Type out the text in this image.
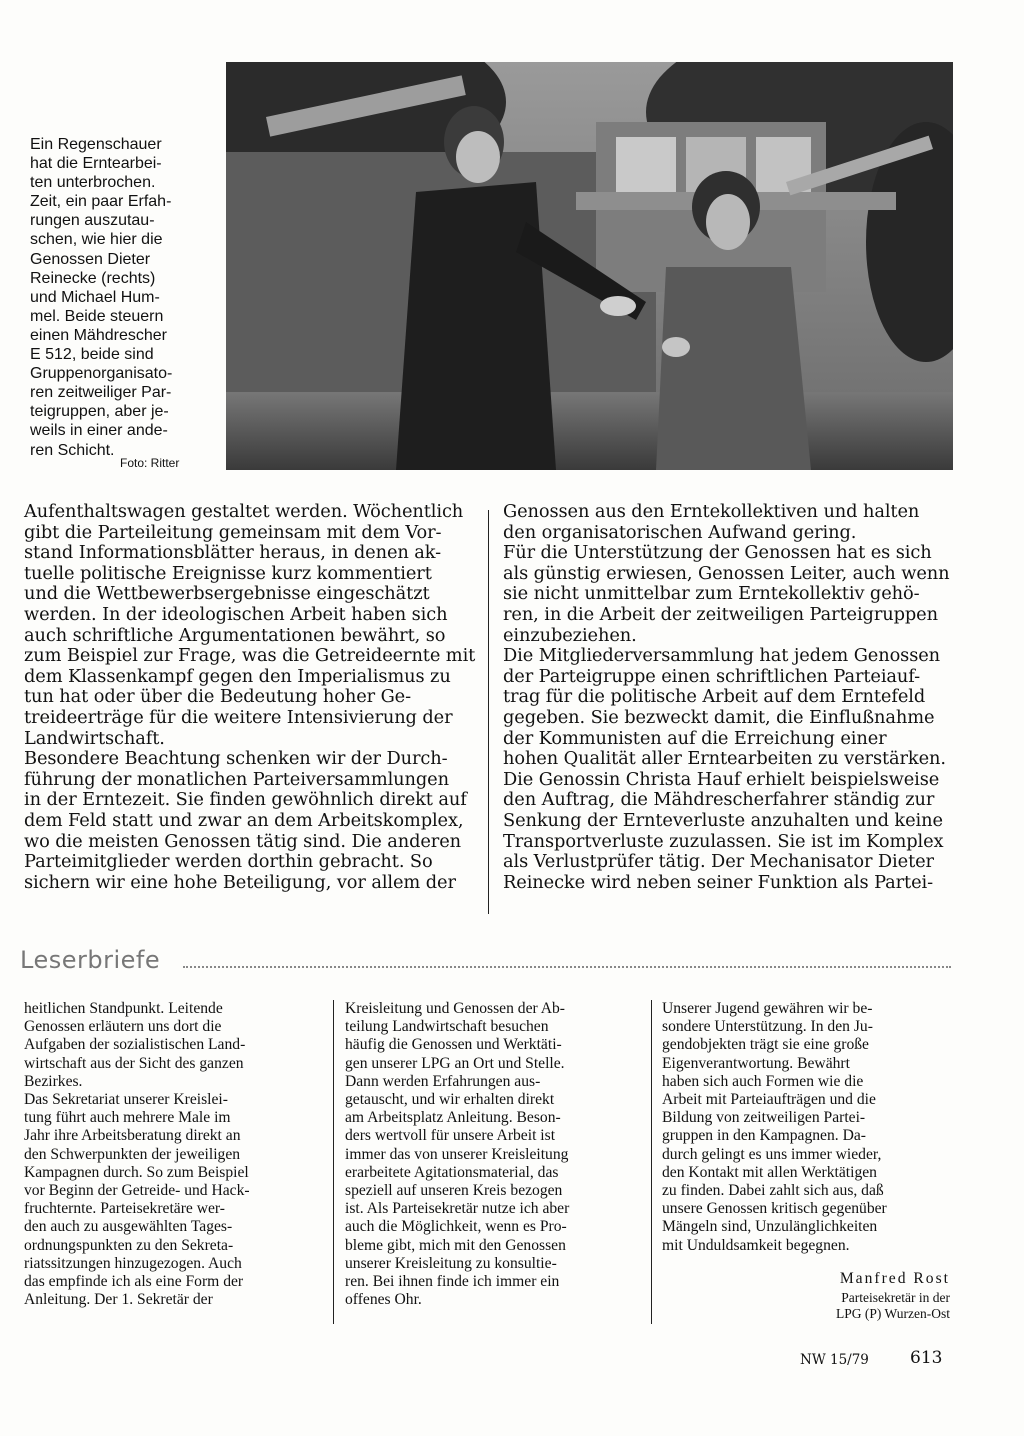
Ein Regenschauer
hat die Erntearbei-
ten unterbrochen.
Zeit, ein paar Erfah-
rungen auszutau-
schen, wie hier die
Genossen Dieter
Reinecke (rechts)
und Michael Hum-
mel. Beide steuern
einen Mähdrescher
E 512, beide sind
Gruppenorganisato-
ren zeitweiliger Par-
teigruppen, aber je-
weils in einer ande-
ren Schicht.
Foto: Ritter
Aufenthaltswagen gestaltet werden. Wöchentlich
gibt die Parteileitung gemeinsam mit dem Vor-
stand Informationsblätter heraus, in denen ak-
tuelle politische Ereignisse kurz kommentiert
und die Wettbewerbsergebnisse eingeschätzt
werden. In der ideologischen Arbeit haben sich
auch schriftliche Argumentationen bewährt, so
zum Beispiel zur Frage, was die Getreideernte mit
dem Klassenkampf gegen den Imperialismus zu
tun hat oder über die Bedeutung hoher Ge-
treideerträge für die weitere Intensivierung der
Landwirtschaft.
Besondere Beachtung schenken wir der Durch-
führung der monatlichen Parteiversammlungen
in der Erntezeit. Sie finden gewöhnlich direkt auf
dem Feld statt und zwar an dem Arbeitskomplex,
wo die meisten Genossen tätig sind. Die anderen
Parteimitglieder werden dorthin gebracht. So
sichern wir eine hohe Beteiligung, vor allem der
Genossen aus den Erntekollektiven und halten
den organisatorischen Aufwand gering.
Für die Unterstützung der Genossen hat es sich
als günstig erwiesen, Genossen Leiter, auch wenn
sie nicht unmittelbar zum Erntekollektiv gehö-
ren, in die Arbeit der zeitweiligen Parteigruppen
einzubeziehen.
Die Mitgliederversammlung hat jedem Genossen
der Parteigruppe einen schriftlichen Parteiauf-
trag für die politische Arbeit auf dem Erntefeld
gegeben. Sie bezweckt damit, die Einflußnahme
der Kommunisten auf die Erreichung einer
hohen Qualität aller Erntearbeiten zu verstärken.
Die Genossin Christa Hauf erhielt beispielsweise
den Auftrag, die Mähdrescherfahrer ständig zur
Senkung der Ernteverluste anzuhalten und keine
Transportverluste zuzulassen. Sie ist im Komplex
als Verlustprüfer tätig. Der Mechanisator Dieter
Reinecke wird neben seiner Funktion als Partei-
Leserbriefe
heitlichen Standpunkt. Leitende
Genossen erläutern uns dort die
Aufgaben der sozialistischen Land-
wirtschaft aus der Sicht des ganzen
Bezirkes.
Das Sekretariat unserer Kreislei-
tung führt auch mehrere Male im
Jahr ihre Arbeitsberatung direkt an
den Schwerpunkten der jeweiligen
Kampagnen durch. So zum Beispiel
vor Beginn der Getreide- und Hack-
fruchternte. Parteisekretäre wer-
den auch zu ausgewählten Tages-
ordnungspunkten zu den Sekreta-
riatssitzungen hinzugezogen. Auch
das empfinde ich als eine Form der
Anleitung. Der 1. Sekretär der
Kreisleitung und Genossen der Ab-
teilung Landwirtschaft besuchen
häufig die Genossen und Werktäti-
gen unserer LPG an Ort und Stelle.
Dann werden Erfahrungen aus-
getauscht, und wir erhalten direkt
am Arbeitsplatz Anleitung. Beson-
ders wertvoll für unsere Arbeit ist
immer das von unserer Kreisleitung
erarbeitete Agitationsmaterial, das
speziell auf unseren Kreis bezogen
ist. Als Parteisekretär nutze ich aber
auch die Möglichkeit, wenn es Pro-
bleme gibt, mich mit den Genossen
unserer Kreisleitung zu konsultie-
ren. Bei ihnen finde ich immer ein
offenes Ohr.
Unserer Jugend gewähren wir be-
sondere Unterstützung. In den Ju-
gendobjekten trägt sie eine große
Eigenverantwortung. Bewährt
haben sich auch Formen wie die
Arbeit mit Parteiaufträgen und die
Bildung von zeitweiligen Partei-
gruppen in den Kampagnen. Da-
durch gelingt es uns immer wieder,
den Kontakt mit allen Werktätigen
zu finden. Dabei zahlt sich aus, daß
unsere Genossen kritisch gegenüber
Mängeln sind, Unzulänglichkeiten
mit Unduldsamkeit begegnen.
Manfred Rost
Parteisekretär in der
LPG (P) Wurzen-Ost
NW 15/79 613
